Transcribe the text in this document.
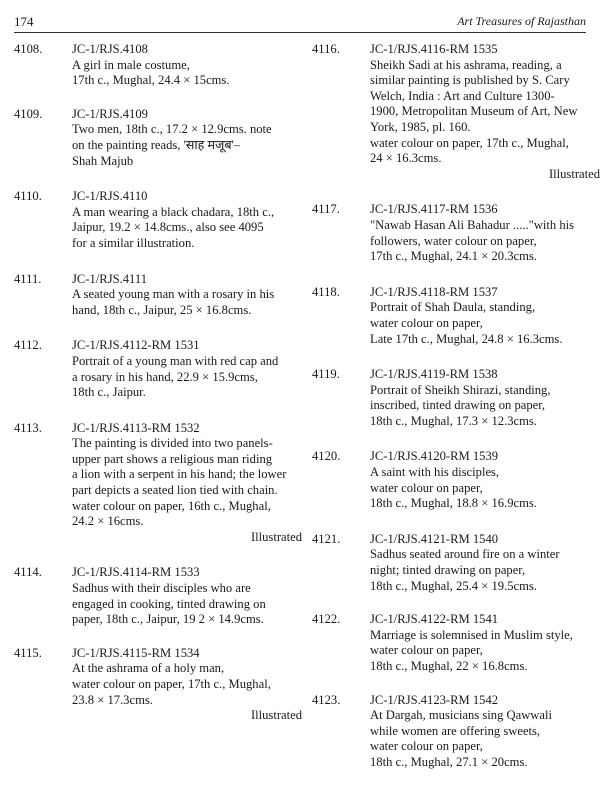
174	Art Treasures of Rajasthan
4108.	JC-1/RJS.4108
A girl in male costume,
17th c., Mughal, 24.4 × 15cms.
4109.	JC-1/RJS.4109
Two men, 18th c., 17.2 × 12.9cms. note
on the painting reads, 'साह मजूब'–
Shah Majub
4110.	JC-1/RJS.4110
A man wearing a black chadara, 18th c.,
Jaipur, 19.2 × 14.8cms., also see 4095
for a similar illustration.
4111.	JC-1/RJS.4111
A seated young man with a rosary in his
hand, 18th c., Jaipur, 25 × 16.8cms.
4112.	JC-1/RJS.4112-RM 1531
Portrait of a young man with red cap and
a rosary in his hand, 22.9 × 15.9cms,
18th c., Jaipur.
4113.	JC-1/RJS.4113-RM 1532
The painting is divided into two panels-
upper part shows a religious man riding
a lion with a serpent in his hand; the lower
part depicts a seated lion tied with chain.
water colour on paper, 16th c., Mughal,
24.2 × 16cms.
Illustrated
4114.	JC-1/RJS.4114-RM 1533
Sadhus with their disciples who are
engaged in cooking, tinted drawing on
paper, 18th c., Jaipur, 19 2 × 14.9cms.
4115.	JC-1/RJS.4115-RM 1534
At the ashrama of a holy man,
water colour on paper, 17th c., Mughal,
23.8 × 17.3cms.
Illustrated
4116.	JC-1/RJS.4116-RM 1535
Sheikh Sadi at his ashrama, reading, a
similar painting is published by S. Cary
Welch, India : Art and Culture 1300-
1900, Metropolitan Museum of Art, New
York, 1985, pl. 160.
water colour on paper, 17th c., Mughal,
24 × 16.3cms.
Illustrated
4117.	JC-1/RJS.4117-RM 1536
"Nawab Hasan Ali Bahadur ....."with his
followers, water colour on paper,
17th c., Mughal, 24.1 × 20.3cms.
4118.	JC-1/RJS.4118-RM 1537
Portrait of Shah Daula, standing,
water colour on paper,
Late 17th c., Mughal, 24.8 × 16.3cms.
4119.	JC-1/RJS.4119-RM 1538
Portrait of Sheikh Shirazi, standing,
inscribed, tinted drawing on paper,
18th c., Mughal, 17.3 × 12.3cms.
4120.	JC-1/RJS.4120-RM 1539
A saint with his disciples,
water colour on paper,
18th c., Mughal, 18.8 × 16.9cms.
4121.	JC-1/RJS.4121-RM 1540
Sadhus seated around fire on a winter
night; tinted drawing on paper,
18th c., Mughal, 25.4 × 19.5cms.
4122.	JC-1/RJS.4122-RM 1541
Marriage is solemnised in Muslim style,
water colour on paper,
18th c., Mughal, 22 × 16.8cms.
4123.	JC-1/RJS.4123-RM 1542
At Dargah, musicians sing Qawwali
while women are offering sweets,
water colour on paper,
18th c., Mughal, 27.1 × 20cms.
